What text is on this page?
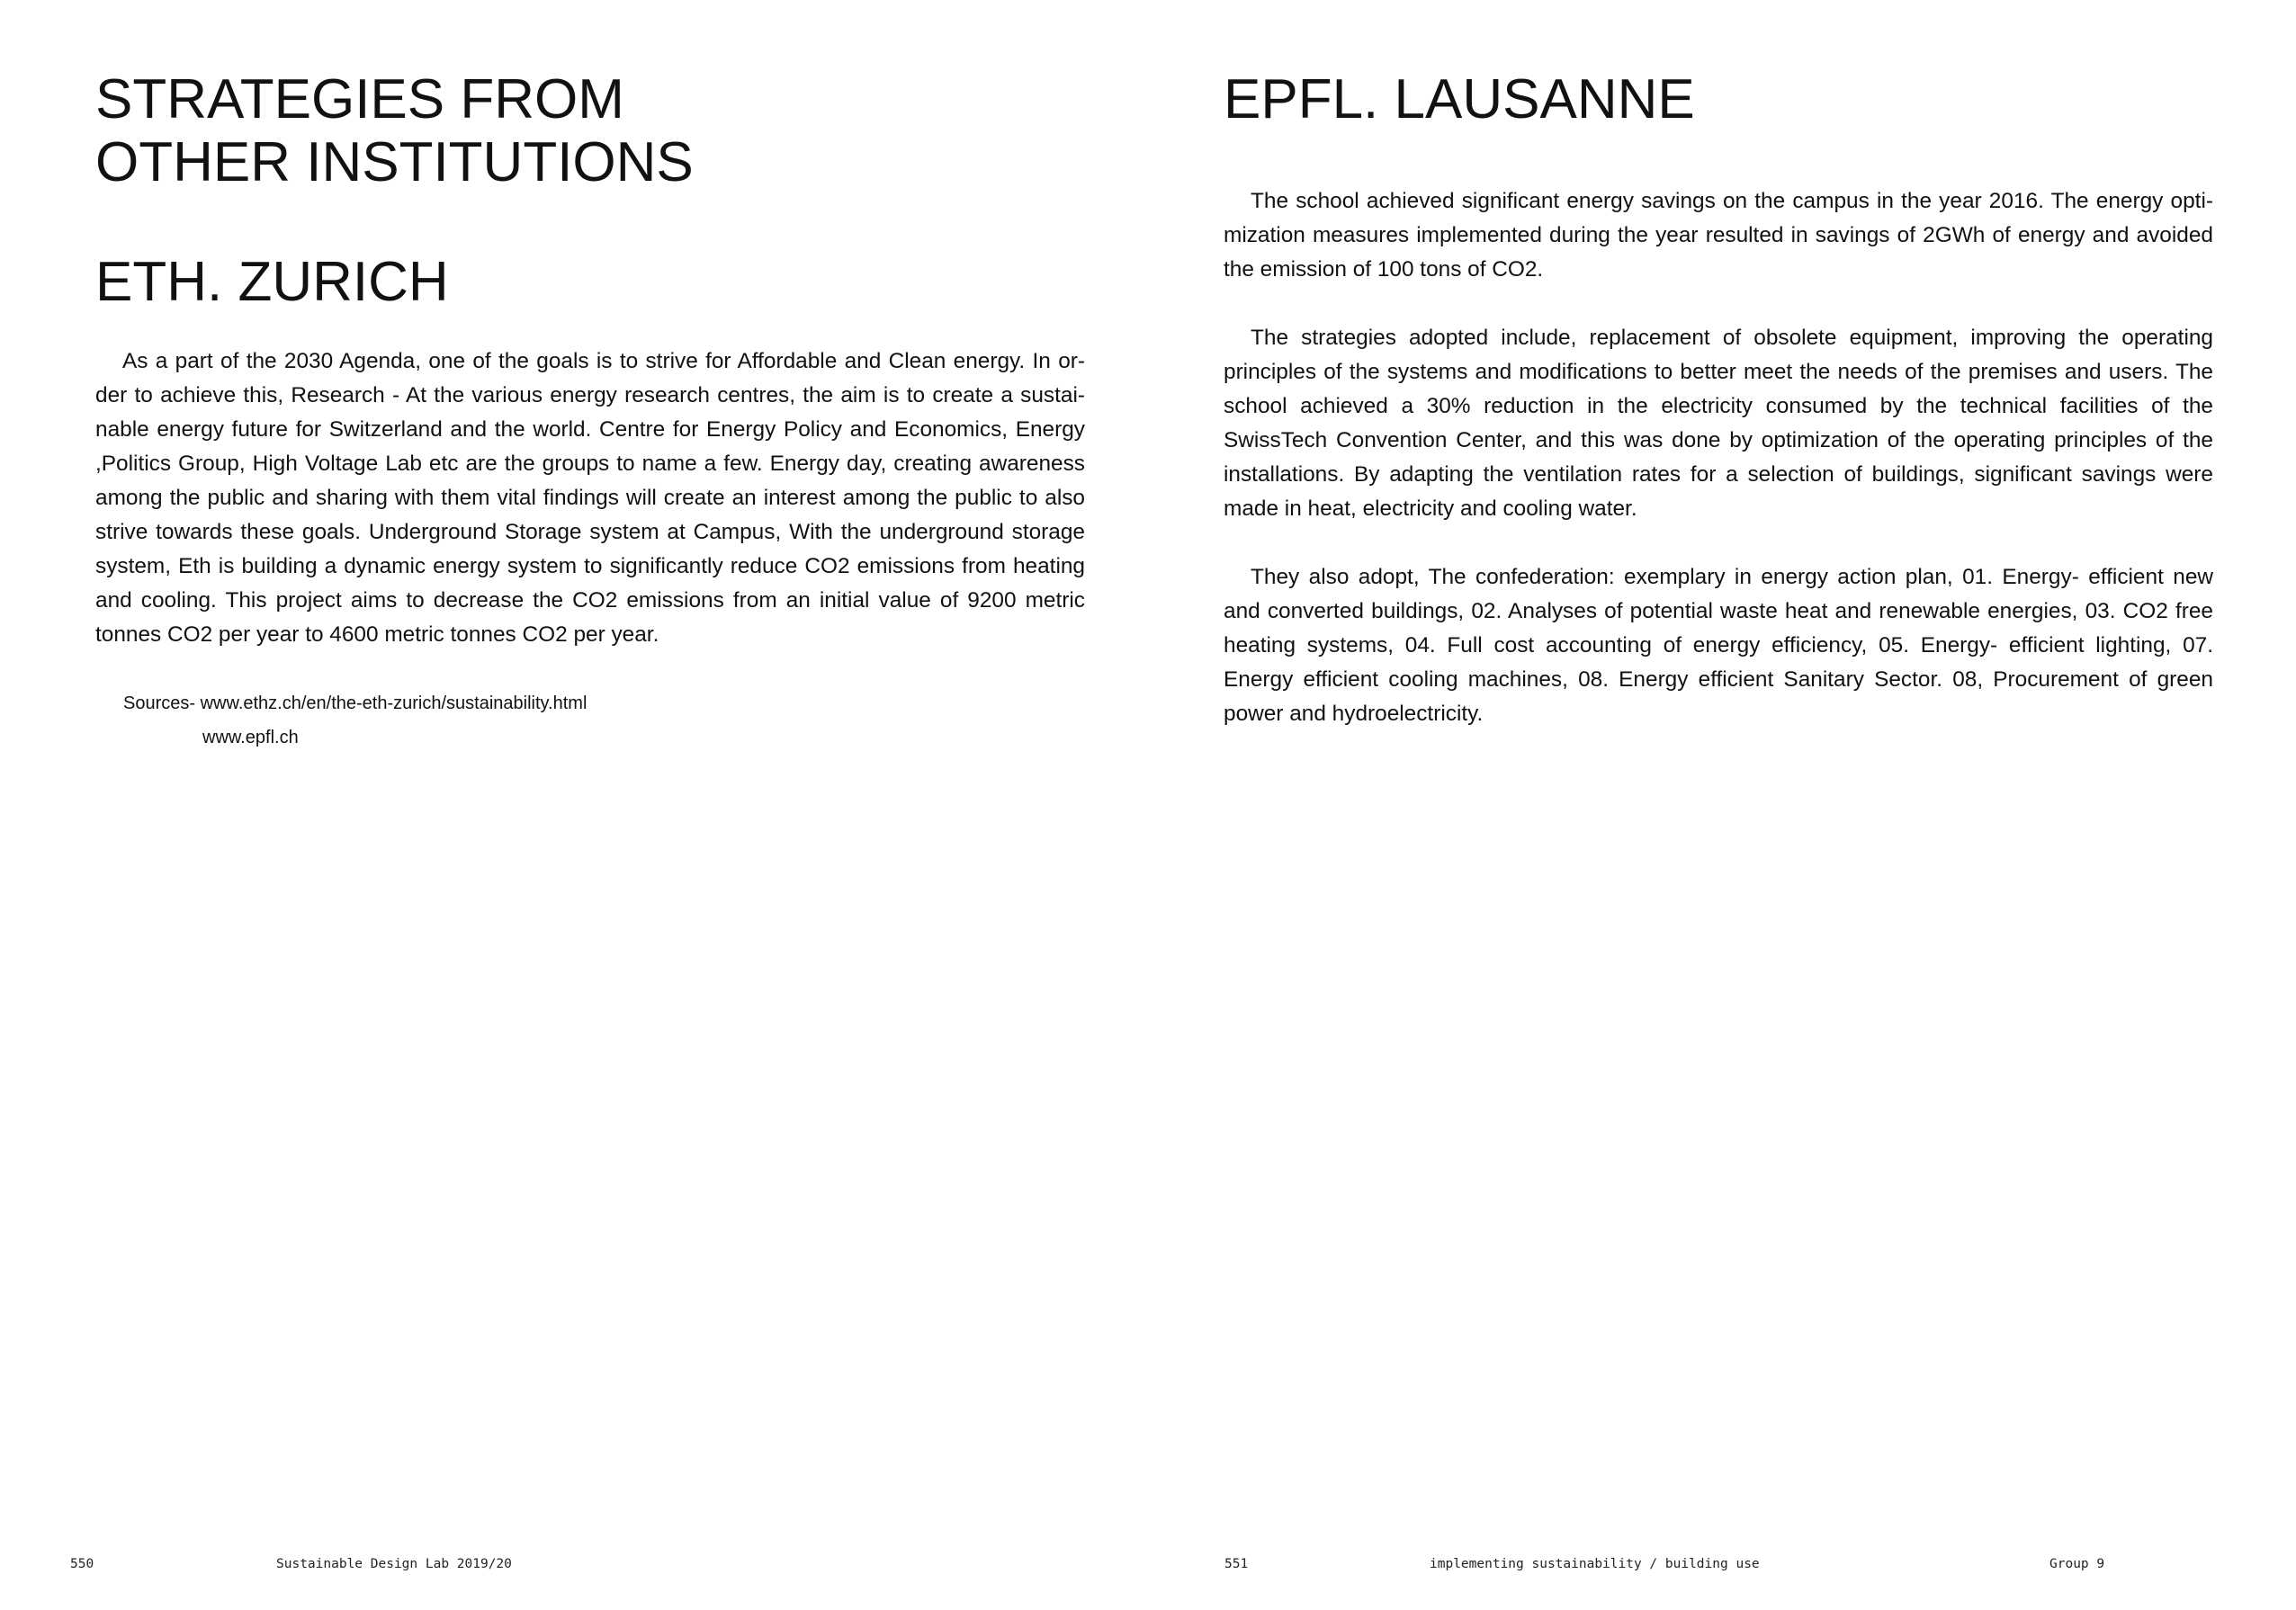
STRATEGIES FROM
OTHER INSTITUTIONS
ETH. ZURICH

As a part of the 2030 Agenda, one of the goals is to strive for Affordable and Clean energy. In or-der to achieve this, Research - At the various energy research centres, the aim is to create a sustai-nable energy future for Switzerland and the world. Centre for Energy Policy and Economics, Energy ,Politics Group, High Voltage Lab etc are the groups to name a few. Energy day, creating awareness among the public and sharing with them vital findings will create an interest among the public to also strive towards these goals. Underground Storage system at Campus, With the underground storage system, Eth is building a dynamic energy system to significantly reduce CO2 emissions from heating and cooling. This project aims to decrease the CO2 emissions from an initial value of 9200 metric tonnes CO2 per year to 4600 metric tonnes CO2 per year.

Sources- www.ethz.ch/en/the-eth-zurich/sustainability.html
www.epfl.ch
550	Sustainable Design Lab 2019/20
EPFL. LAUSANNE

The school achieved significant energy savings on the campus in the year 2016. The energy opti-mization measures implemented during the year resulted in savings of 2GWh of energy and avoided the emission of 100 tons of CO2.

The strategies adopted include, replacement of obsolete equipment, improving the operating principles of the systems and modifications to better meet the needs of the premises and users. The school achieved a 30% reduction in the electricity consumed by the technical facilities of the SwissTech Convention Center, and this was done by optimization of the operating principles of the installations. By adapting the ventilation rates for a selection of buildings, significant savings were made in heat, electricity and cooling water.

They also adopt, The confederation: exemplary in energy action plan, 01. Energy- efficient new and converted buildings, 02. Analyses of potential waste heat and renewable energies, 03. CO2 free heating systems, 04. Full cost accounting of energy efficiency, 05. Energy- efficient lighting, 07. Energy efficient cooling machines, 08. Energy efficient Sanitary Sector. 08, Procurement of green power and hydroelectricity.

551	implementing sustainability / building use	Group 9
